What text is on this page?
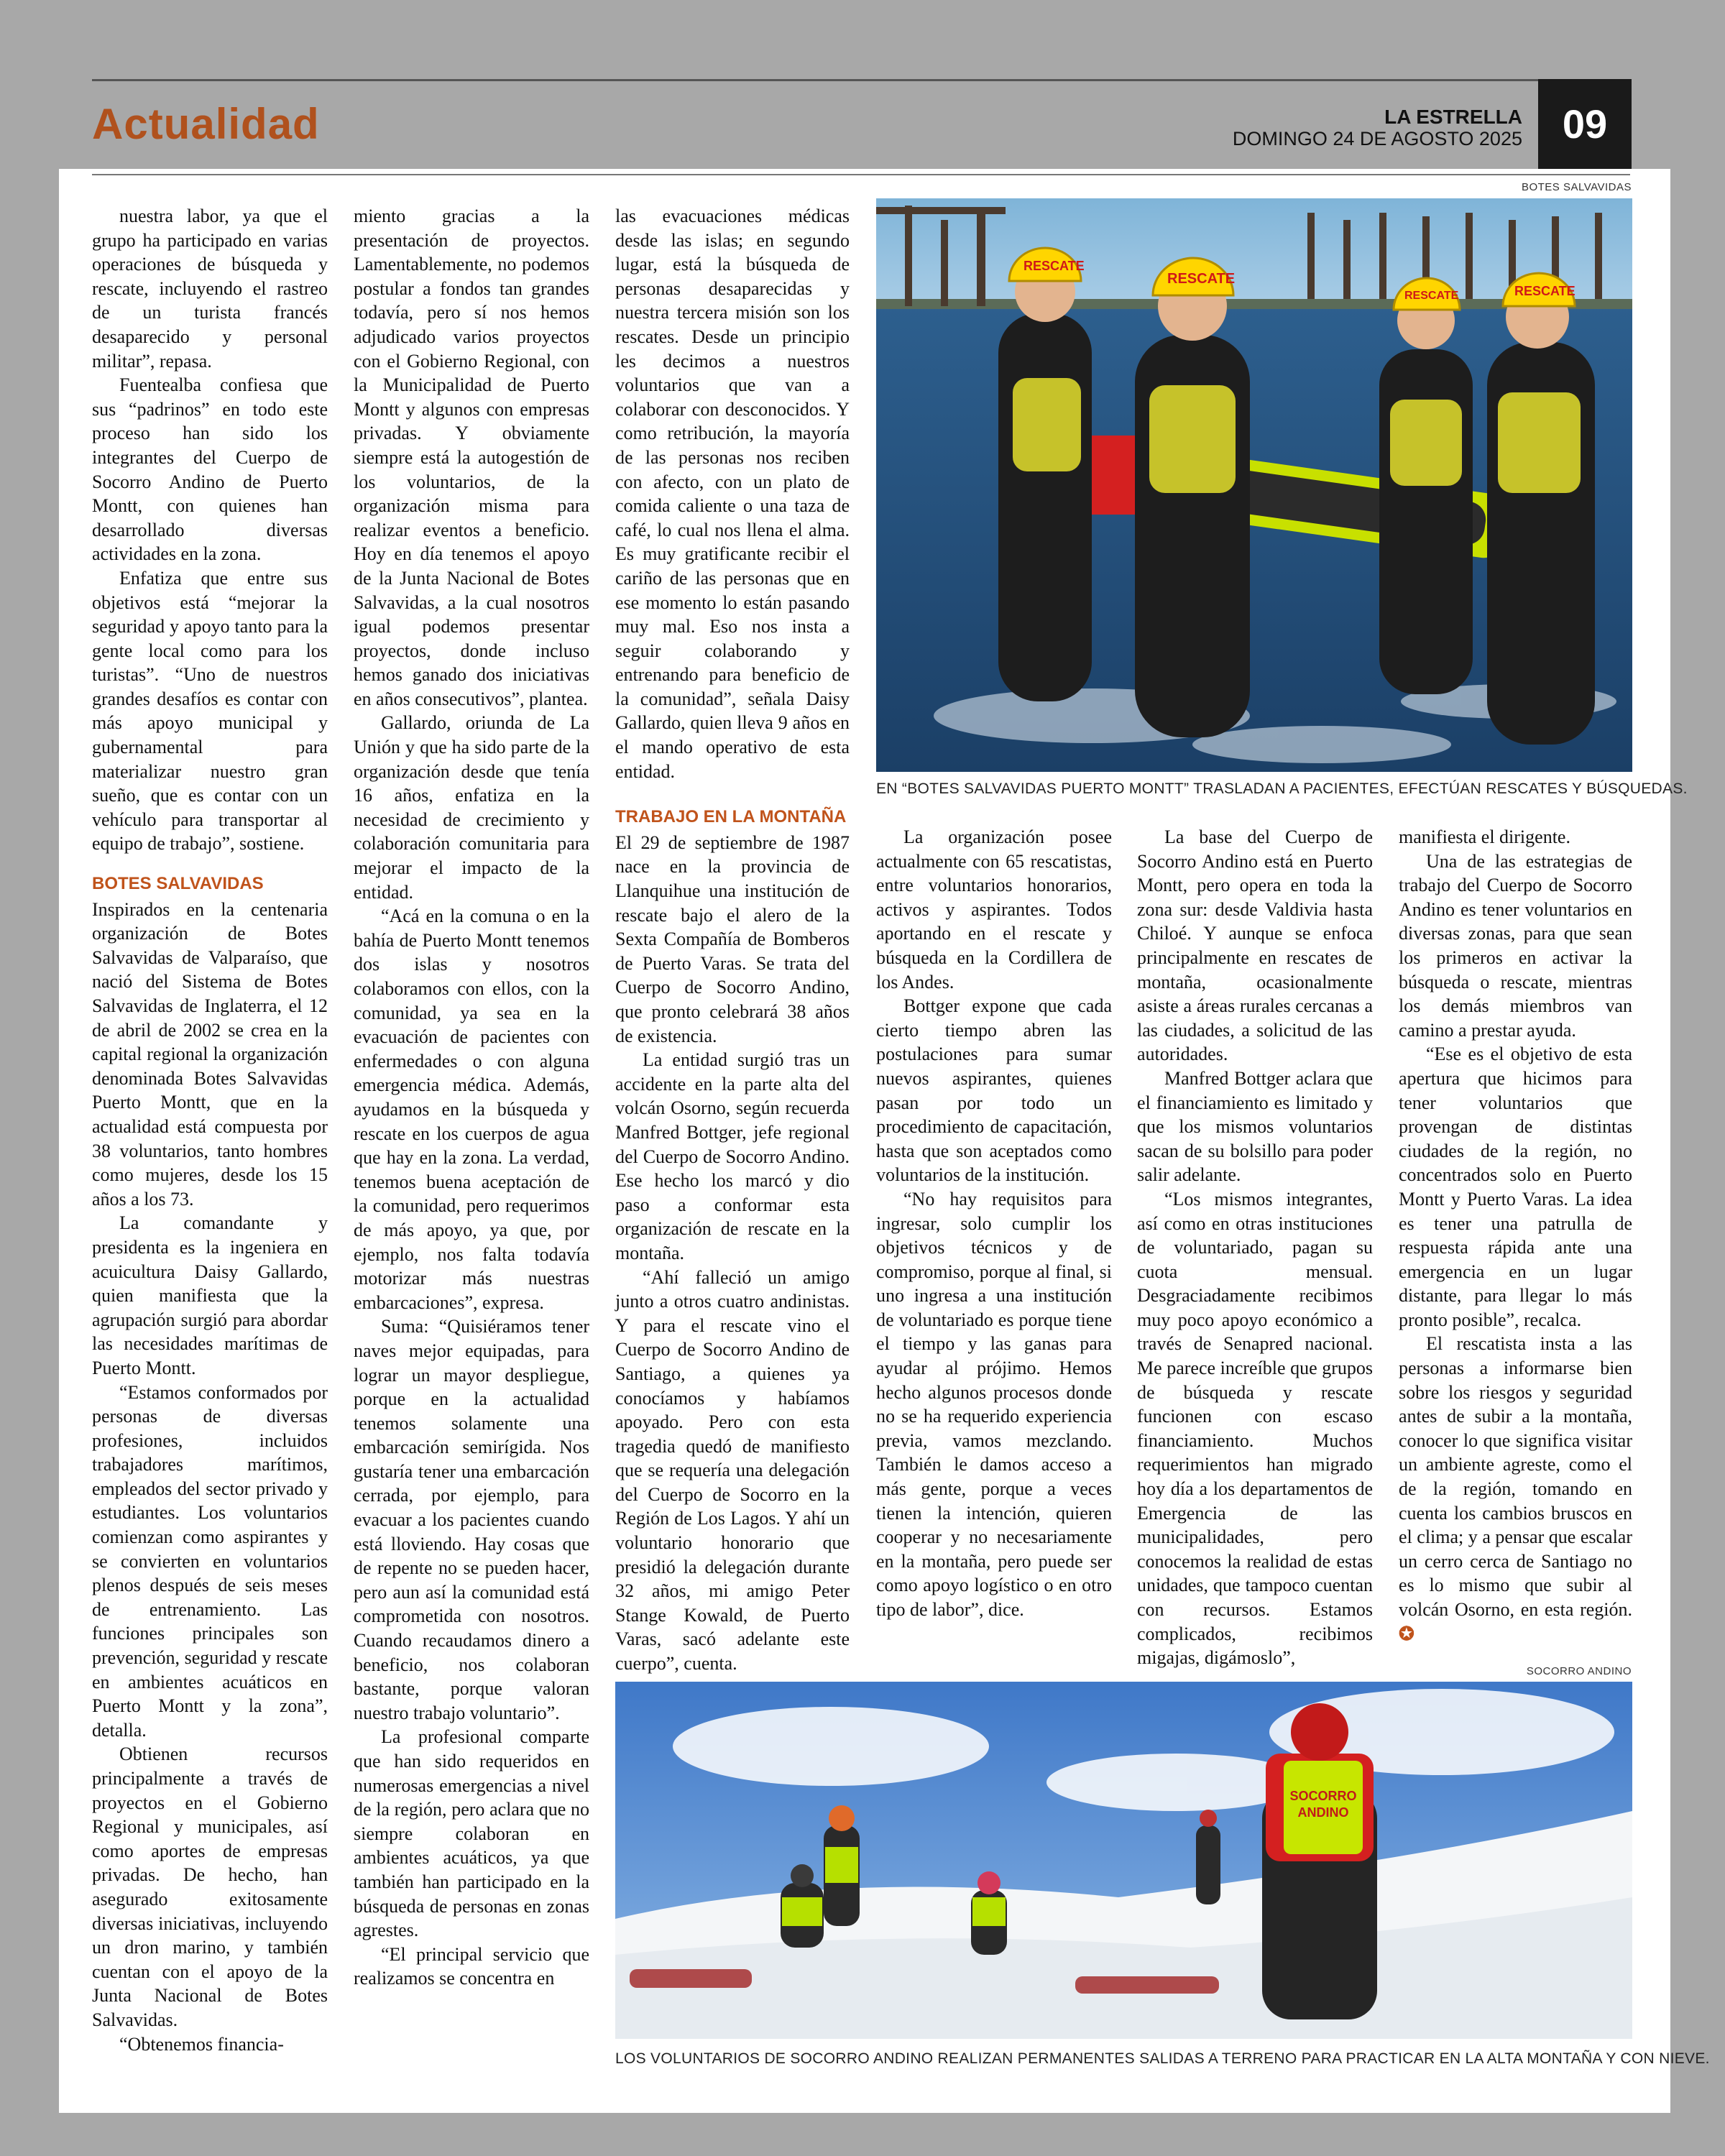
Actualidad	LA ESTRELLA
DOMINGO 24 DE AGOSTO 2025 09

nuestra labor, ya que el grupo ha participado en varias operaciones de búsqueda y rescate, incluyendo el rastreo de un turista francés desaparecido y personal militar”, repasa.

Fuentealba confiesa que sus “padrinos” en todo este proceso han sido los integrantes del Cuerpo de Socorro Andino de Puerto Montt, con quienes han desarrollado diversas actividades en la zona.

Enfatiza que entre sus objetivos está “mejorar la seguridad y apoyo tanto para la gente local como para los turistas”. “Uno de nuestros grandes desafíos es contar con más apoyo municipal y gubernamental para materializar nuestro gran sueño, que es contar con un vehículo para transportar al equipo de trabajo”, sostiene.

BOTES SALVAVIDAS

Inspirados en la centenaria organización de Botes Salvavidas de Valparaíso, que nació del Sistema de Botes Salvavidas de Inglaterra, el 12 de abril de 2002 se crea en la capital regional la organización denominada Botes Salvavidas Puerto Montt, que en la actualidad está compuesta por 38 voluntarios, tanto hombres como mujeres, desde los 15 años a los 73.

La comandante y presidenta es la ingeniera en acuicultura Daisy Gallardo, quien manifiesta que la agrupación surgió para abordar las necesidades marítimas de Puerto Montt.

“Estamos conformados por personas de diversas profesiones, incluidos trabajadores marítimos, empleados del sector privado y estudiantes. Los voluntarios comienzan como aspirantes y se convierten en voluntarios plenos después de seis meses de entrenamiento. Las funciones principales son prevención, seguridad y rescate en ambientes acuáticos en Puerto Montt y la zona”, detalla.

Obtienen recursos principalmente a través de proyectos en el Gobierno Regional y municipales, así como aportes de empresas privadas. De hecho, han asegurado exitosamente diversas iniciativas, incluyendo un dron marino, y también cuentan con el apoyo de la Junta Nacional de Botes Salvavidas.

“Obtenemos financia-

miento gracias a la presentación de proyectos. Lamentablemente, no podemos postular a fondos tan grandes todavía, pero sí nos hemos adjudicado varios proyectos con el Gobierno Regional, con la Municipalidad de Puerto Montt y algunos con empresas privadas. Y obviamente siempre está la autogestión de los voluntarios, de la organización misma para realizar eventos a beneficio. Hoy en día tenemos el apoyo de la Junta Nacional de Botes Salvavidas, a la cual nosotros igual podemos presentar proyectos, donde incluso hemos ganado dos iniciativas en años consecutivos”, plantea.

Gallardo, oriunda de La Unión y que ha sido parte de la organización desde que tenía 16 años, enfatiza en la necesidad de crecimiento y colaboración comunitaria para mejorar el impacto de la entidad.

“Acá en la comuna o en la bahía de Puerto Montt tenemos dos islas y nosotros colaboramos con ellos, con la comunidad, ya sea en la evacuación de pacientes con enfermedades o con alguna emergencia médica. Además, ayudamos en la búsqueda y rescate en los cuerpos de agua que hay en la zona. La verdad, tenemos buena aceptación de la comunidad, pero requerimos de más apoyo, ya que, por ejemplo, nos falta todavía motorizar más nuestras embarcaciones”, expresa.

Suma: “Quisiéramos tener naves mejor equipadas, para lograr un mayor despliegue, porque en la actualidad tenemos solamente una embarcación semirígida. Nos gustaría tener una embarcación cerrada, por ejemplo, para evacuar a los pacientes cuando está lloviendo. Hay cosas que de repente no se pueden hacer, pero aun así la comunidad está comprometida con nosotros. Cuando recaudamos dinero a beneficio, nos colaboran bastante, porque valoran nuestro trabajo voluntario”.

La profesional comparte que han sido requeridos en numerosas emergencias a nivel de la región, pero aclara que no siempre colaboran en ambientes acuáticos, ya que también han participado en la búsqueda de personas en zonas agrestes.

“El principal servicio que realizamos se concentra en

las evacuaciones médicas desde las islas; en segundo lugar, está la búsqueda de personas desaparecidas y nuestra tercera misión son los rescates. Desde un principio les decimos a nuestros voluntarios que van a colaborar con desconocidos. Y como retribución, la mayoría de las personas nos reciben con afecto, con un plato de comida caliente o una taza de café, lo cual nos llena el alma. Es muy gratificante recibir el cariño de las personas que en ese momento lo están pasando muy mal. Eso nos insta a seguir colaborando y entrenando para beneficio de la comunidad”, señala Daisy Gallardo, quien lleva 9 años en el mando operativo de esta entidad.

TRABAJO EN LA MONTAÑA

El 29 de septiembre de 1987 nace en la provincia de Llanquihue una institución de rescate bajo el alero de la Sexta Compañía de Bomberos de Puerto Varas. Se trata del Cuerpo de Socorro Andino, que pronto celebrará 38 años de existencia.

La entidad surgió tras un accidente en la parte alta del volcán Osorno, según recuerda Manfred Bottger, jefe regional del Cuerpo de Socorro Andino. Ese hecho los marcó y dio paso a conformar esta organización de rescate en la montaña.

“Ahí falleció un amigo junto a otros cuatro andinistas. Y para el rescate vino el Cuerpo de Socorro Andino de Santiago, a quienes ya conocíamos y habíamos apoyado. Pero con esta tragedia quedó de manifiesto que se requería una delegación del Cuerpo de Socorro en la Región de Los Lagos. Y ahí un voluntario honorario que presidió la delegación durante 32 años, mi amigo Peter Stange Kowald, de Puerto Varas, sacó adelante este cuerpo”, cuenta.

La organización posee actualmente con 65 rescatistas, entre voluntarios honorarios, activos y aspirantes. Todos aportando en el rescate y búsqueda en la Cordillera de los Andes.

Bottger expone que cada cierto tiempo abren las postulaciones para sumar nuevos aspirantes, quienes pasan por todo un procedimiento de capacitación, hasta que son aceptados como voluntarios de la institución.

“No hay requisitos para ingresar, solo cumplir los objetivos técnicos y de compromiso, porque al final, si uno ingresa a una institución de voluntariado es porque tiene el tiempo y las ganas para ayudar al prójimo. Hemos hecho algunos procesos donde no se ha requerido experiencia previa, vamos mezclando. También le damos acceso a más gente, porque a veces tienen la intención, quieren cooperar y no necesariamente en la montaña, pero puede ser como apoyo logístico o en otro tipo de labor”, dice.

La base del Cuerpo de Socorro Andino está en Puerto Montt, pero opera en toda la zona sur: desde Valdivia hasta Chiloé. Y aunque se enfoca principalmente en rescates de montaña, ocasionalmente asiste a áreas rurales cercanas a las ciudades, a solicitud de las autoridades.

Manfred Bottger aclara que el financiamiento es limitado y que los mismos voluntarios sacan de su bolsillo para poder salir adelante.

“Los mismos integrantes, así como en otras instituciones de voluntariado, pagan su cuota mensual. Desgraciadamente recibimos muy poco apoyo económico a través de Senapred nacional. Me parece increíble que grupos de búsqueda y rescate funcionen con escaso financiamiento. Muchos requerimientos han migrado hoy día a los departamentos de Emergencia de las municipalidades, pero conocemos la realidad de estas unidades, que tampoco cuentan con recursos. Estamos complicados, recibimos migajas, digámoslo”,

manifiesta el dirigente.

Una de las estrategias de trabajo del Cuerpo de Socorro Andino es tener voluntarios en diversas zonas, para que sean los primeros en activar la búsqueda o rescate, mientras los demás miembros van camino a prestar ayuda.

“Ese es el objetivo de esta apertura que hicimos para tener voluntarios que provengan de distintas ciudades de la región, no concentrados solo en Puerto Montt y Puerto Varas. La idea es tener una patrulla de respuesta rápida ante una emergencia en un lugar distante, para llegar lo más pronto posible”, recalca.

El rescatista insta a las personas a informarse bien sobre los riesgos y seguridad antes de subir a la montaña, conocer lo que significa visitar un ambiente agreste, como el de la región, tomando en cuenta los cambios bruscos en el clima; y a pensar que escalar un cerro cerca de Santiago no es lo mismo que subir al volcán Osorno, en esta región. ✪

BOTES SALVAVIDAS
RESCATE
RESCATE
RESCATE	RESCATE
EN “BOTES SALVAVIDAS PUERTO MONTT” TRASLADAN A PACIENTES, EFECTÚAN RESCATES Y BÚSQUEDAS.
SOCORRO ANDINO
SOCORRO
ANDINO
LOS VOLUNTARIOS DE SOCORRO ANDINO REALIZAN PERMANENTES SALIDAS A TERRENO PARA PRACTICAR EN LA ALTA MONTAÑA Y CON NIEVE.
